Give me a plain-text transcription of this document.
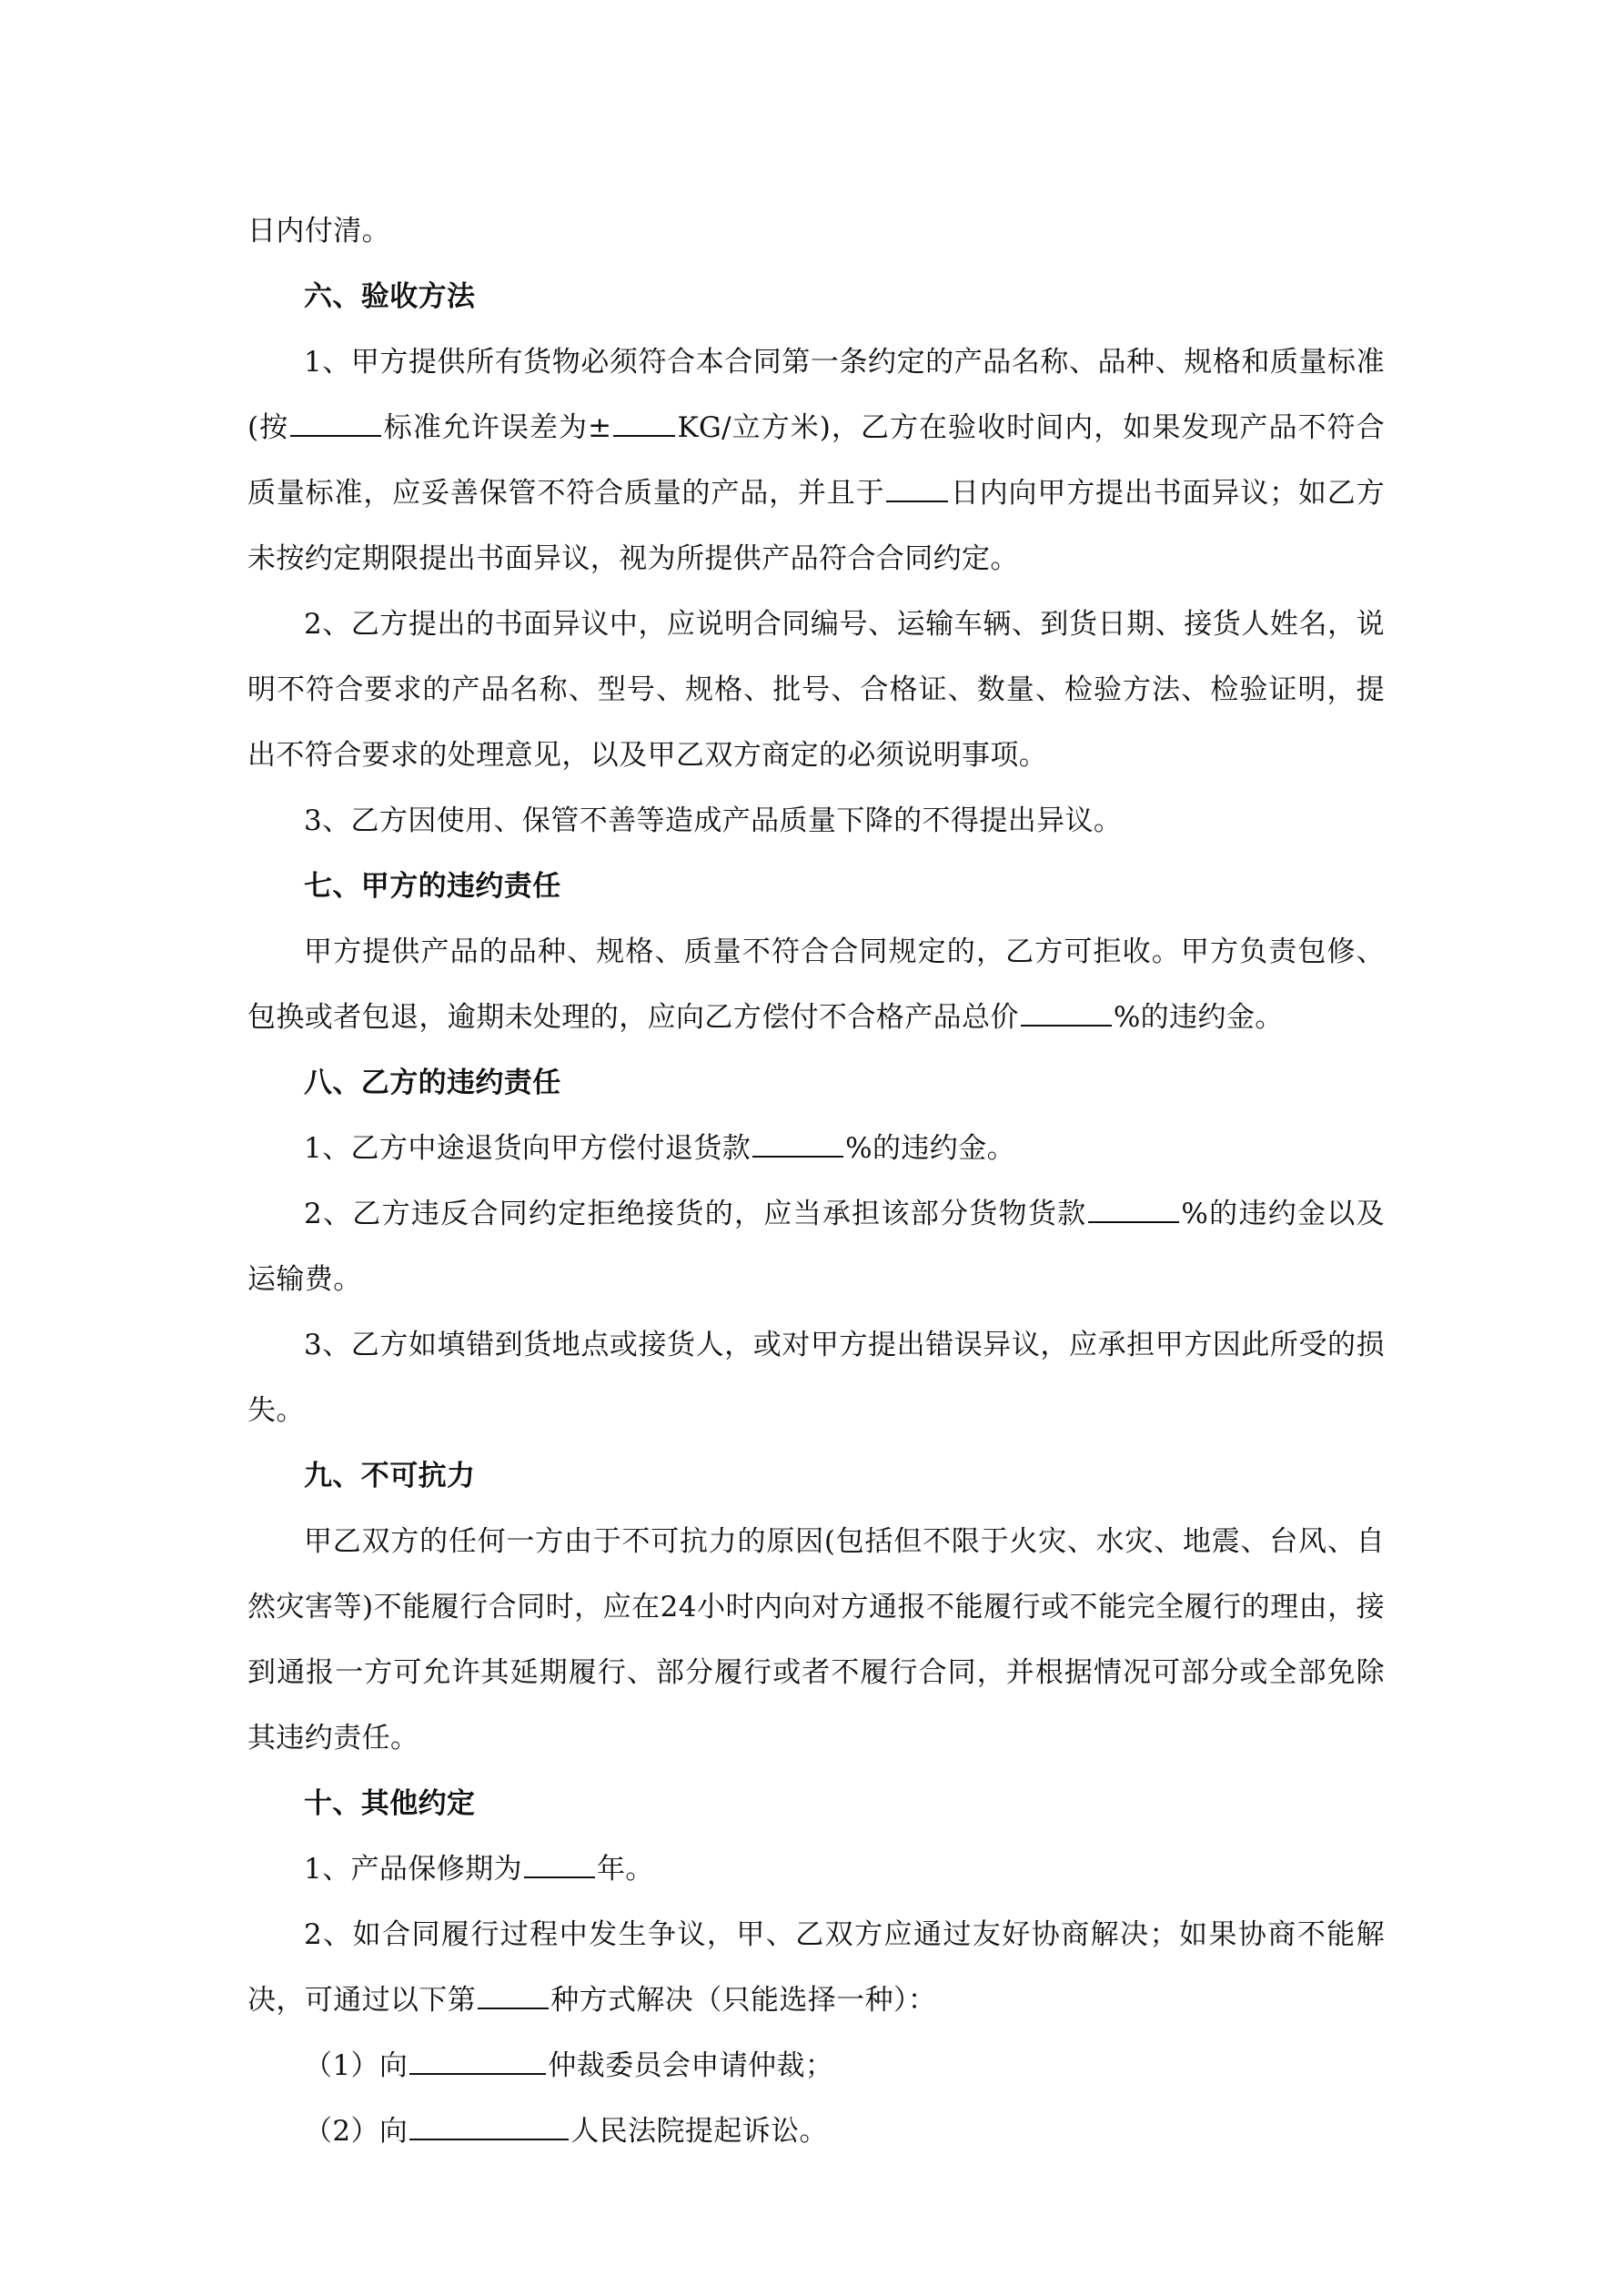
日内付清。

六、验收方法

1、甲方提供所有货物必须符合本合同第一条约定的产品名称、品种、规格和质量标准(按	标准允许误差为± KG/立方米)，乙方在验收时间内，如果发现产品不符合质量标准，应妥善保管不符合质量的产品，并且于 日内向甲方提出书面异议；如乙方未按约定期限提出书面异议，视为所提供产品符合合同约定。

2、乙方提出的书面异议中，应说明合同编号、运输车辆、到货日期、接货人姓名，说明不符合要求的产品名称、型号、规格、批号、合格证、数量、检验方法、检验证明，提出不符合要求的处理意见，以及甲乙双方商定的必须说明事项。

3、乙方因使用、保管不善等造成产品质量下降的不得提出异议。

七、甲方的违约责任

甲方提供产品的品种、规格、质量不符合合同规定的，乙方可拒收。甲方负责包修、包换或者包退，逾期未处理的，应向乙方偿付不合格产品总价	%的违约金。

八、乙方的违约责任

1、乙方中途退货向甲方偿付退货款	%的违约金。

2、乙方违反合同约定拒绝接货的，应当承担该部分货物货款	%的违约金以及运输费。

3、乙方如填错到货地点或接货人，或对甲方提出错误异议，应承担甲方因此所受的损失。

九、不可抗力

甲乙双方的任何一方由于不可抗力的原因(包括但不限于火灾、水灾、地震、台风、自然灾害等)不能履行合同时，应在24小时内向对方通报不能履行或不能完全履行的理由，接到通报一方可允许其延期履行、部分履行或者不履行合同，并根据情况可部分或全部免除其违约责任。

十、其他约定

1、产品保修期为	年。

2、如合同履行过程中发生争议，甲、乙双方应通过友好协商解决；如果协商不能解决，可通过以下第	种方式解决（只能选择一种）：

（1）向	仲裁委员会申请仲裁；

（2）向	人民法院提起诉讼。
